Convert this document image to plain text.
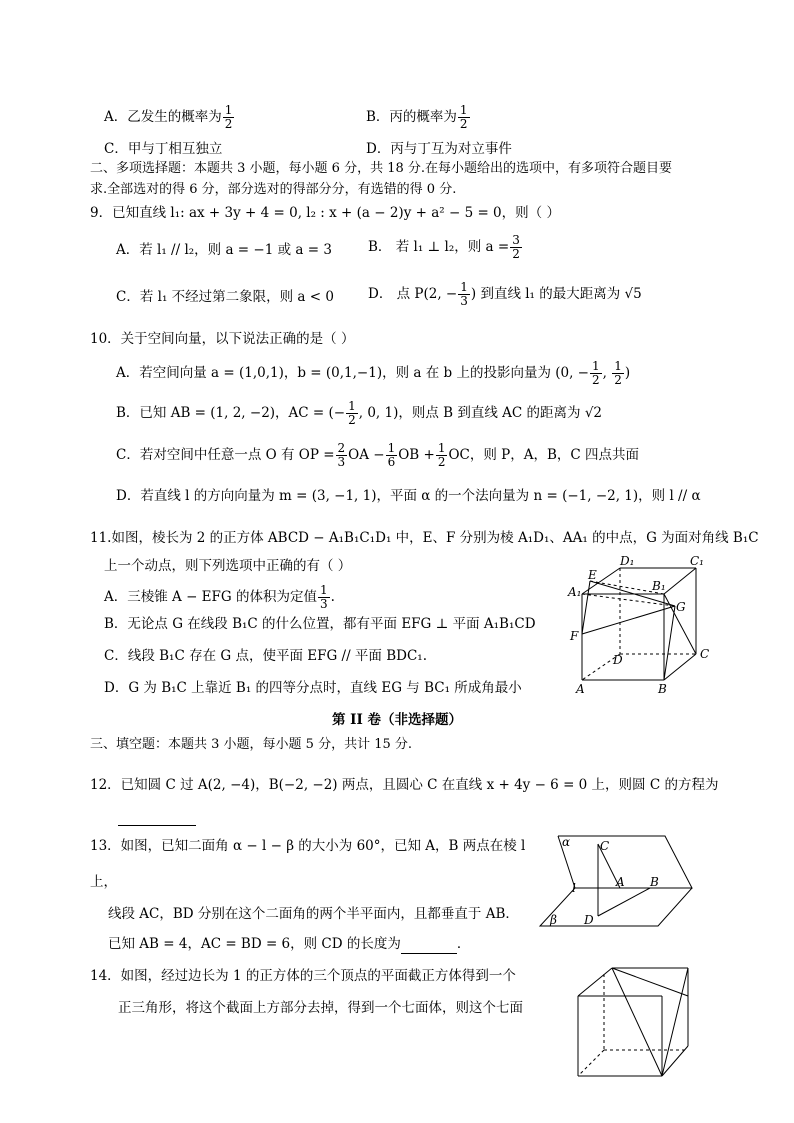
A．乙发生的概率为 $\frac{1}{2}$	B．丙的概率为 $\frac{1}{2}$
C．甲与丁相互独立	D．丙与丁互为对立事件
二、多项选择题：本题共 3 小题，每小题 6 分，共 18 分.在每小题给出的选项中，有多项符合题目要
求.全部选对的得 6 分，部分选对的得部分分，有选错的得 0 分.
9．已知直线 l₁: ax + 3y + 4 = 0, l₂ : x + (a − 2)y + a² − 5 = 0，则（ ）
A．若 l₁ // l₂，则 a = −1 或 a = 3	B． 若 l₁ ⊥ l₂，则 $a = \frac{3}{2}$
C．若 l₁ 不经过第二象限，则 a < 0	D． 点 P(2, − $\frac{1}{3}$ ) 到直线 l₁ 的最大距离为 √5
10．关于空间向量，以下说法正确的是（ ）
A．若空间向量 a = (1,0,1)，b = (0,1,−1)，则 a 在 b 上的投影向量为 (0, − $\frac{1}{2}$ , $\frac{1}{2}$ )
B．已知 AB = (1, 2, −2)，AC = (− $\frac{1}{2}$ , 0, 1)，则点 B 到直线 AC 的距离为 √2
C．若对空间中任意一点 O 有 OP = $\frac{2}{3}$ OA − $\frac{1}{6}$ OB + $\frac{1}{2}$ OC，则 P，A，B，C 四点共面
D．若直线 l 的方向向量为 m = (3, −1, 1)，平面 α 的一个法向量为 n = (−1, −2, 1)，则 l // α
11.如图，棱长为 2 的正方体 ABCD − A₁B₁C₁D₁ 中，E、F 分别为棱 A₁D₁、AA₁ 的中点，G 为面对角线 B₁C
上一个动点，则下列选项中正确的有（ ）
A．三棱锥 A − EFG 的体积为定值 $\frac{1}{3}$ .
B．无论点 G 在线段 B₁C 的什么位置，都有平面 EFG ⊥ 平面 A₁B₁CD
C．线段 B₁C 存在 G 点，使平面 EFG // 平面 BDC₁.
D．G 为 B₁C 上靠近 B₁ 的四等分点时，直线 EG 与 BC₁ 所成角最小
D₁	C₁
A₁
E
B₁
G
F
D	C
A	B
第 II 卷（非选择题）
三、填空题：本题共 3 小题，每小题 5 分，共计 15 分.
12．已知圆 C 过 A(2, −4)，B(−2, −2) 两点，且圆心 C 在直线 x + 4y − 6 = 0 上，则圆 C 的方程为
13．如图，已知二面角 α − l − β 的大小为 60°，已知 A，B 两点在棱 l
上，
线段 AC，BD 分别在这个二面角的两个半平面内，且都垂直于 AB．
已知 AB = 4，AC = BD = 6，则 CD 的长度为	．
α C
l	A B
β D
14．如图，经过边长为 1 的正方体的三个顶点的平面截正方体得到一个
正三角形，将这个截面上方部分去掉，得到一个七面体，则这个七面
